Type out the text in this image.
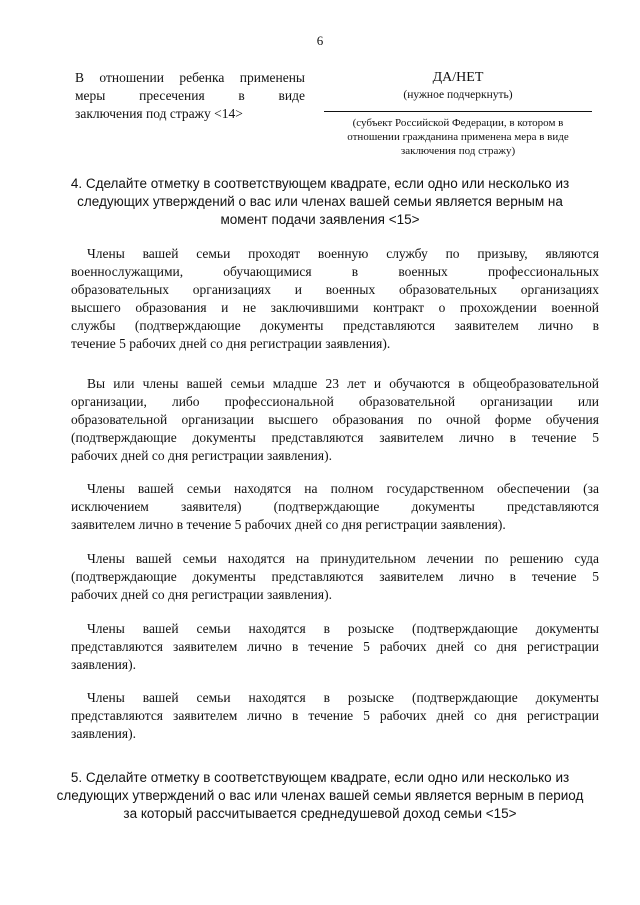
6
В отношении ребенка применены
меры пресечения в виде
заключения под стражу <14>
ДА/НЕТ
(нужное подчеркнуть)
(субъект Российской Федерации, в котором в
отношении гражданина применена мера в виде
заключения под стражу)
4. Сделайте отметку в соответствующем квадрате, если одно или несколько из
следующих утверждений о вас или членах вашей семьи является верным на
момент подачи заявления <15>
Члены вашей семьи проходят военную службу по призыву, являются
военнослужащими, обучающимися в военных профессиональных
образовательных организациях и военных образовательных организациях
высшего образования и не заключившими контракт о прохождении военной
службы (подтверждающие документы представляются заявителем лично в
течение 5 рабочих дней со дня регистрации заявления).
Вы или члены вашей семьи младше 23 лет и обучаются в общеобразовательной
организации, либо профессиональной образовательной организации или
образовательной организации высшего образования по очной форме обучения
(подтверждающие документы представляются заявителем лично в течение 5
рабочих дней со дня регистрации заявления).
Члены вашей семьи находятся на полном государственном обеспечении (за
исключением заявителя) (подтверждающие документы представляются
заявителем лично в течение 5 рабочих дней со дня регистрации заявления).
Члены вашей семьи находятся на принудительном лечении по решению суда
(подтверждающие документы представляются заявителем лично в течение 5
рабочих дней со дня регистрации заявления).
Члены вашей семьи находятся в розыске (подтверждающие документы
представляются заявителем лично в течение 5 рабочих дней со дня регистрации
заявления).
Члены вашей семьи находятся в розыске (подтверждающие документы
представляются заявителем лично в течение 5 рабочих дней со дня регистрации
заявления).
5. Сделайте отметку в соответствующем квадрате, если одно или несколько из
следующих утверждений о вас или членах вашей семьи является верным в период
за который рассчитывается среднедушевой доход семьи <15>
